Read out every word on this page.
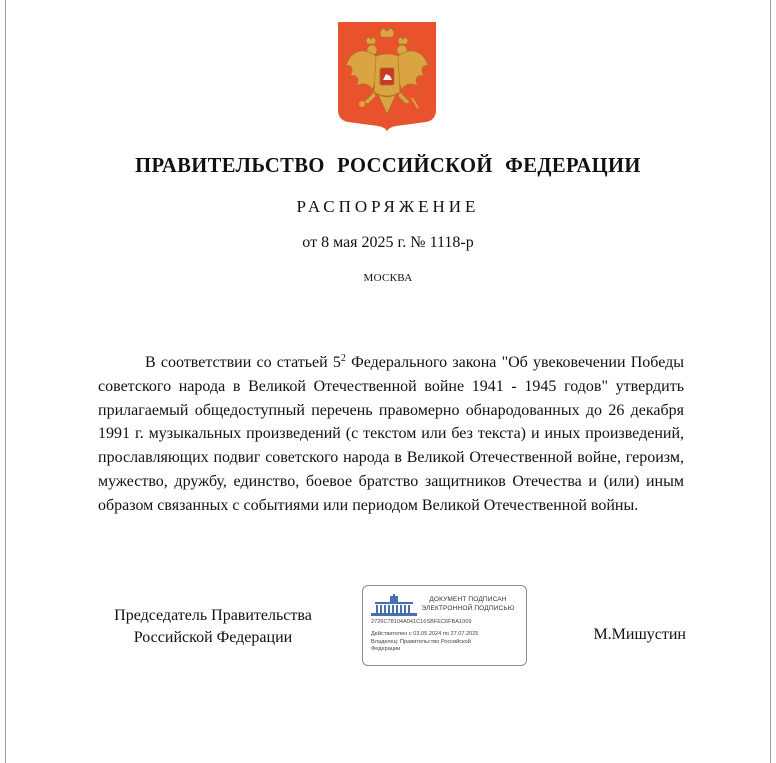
ПРАВИТЕЛЬСТВО РОССИЙСКОЙ ФЕДЕРАЦИИ
РАСПОРЯЖЕНИЕ
от 8 мая 2025 г. № 1118-р
МОСКВА
В соответствии со статьей $5^2$ Федерального закона "Об увековечении Победы советского народа в Великой Отечественной войне 1941 - 1945 годов" утвердить прилагаемый общедоступный перечень правомерно обнародованных до 26 декабря 1991 г. музыкальных произведений (с текстом или без текста) и иных произведений, прославляющих подвиг советского народа в Великой Отечественной войне, героизм, мужество, дружбу, единство, боевое братство защитников Отечества и (или) иным образом связанных с событиями или периодом Великой Отечественной войны.
Председатель Правительства
Российской Федерации
ДОКУМЕНТ ПОДПИСАН
ЭЛЕКТРОННОЙ ПОДПИСЬЮ
2726C78104A041C16SBFEC6FBA1009
Действителен с 03.05.2024 по 27.07.2025
Владелец: Правительство Российской
Федерации
М.Мишустин
